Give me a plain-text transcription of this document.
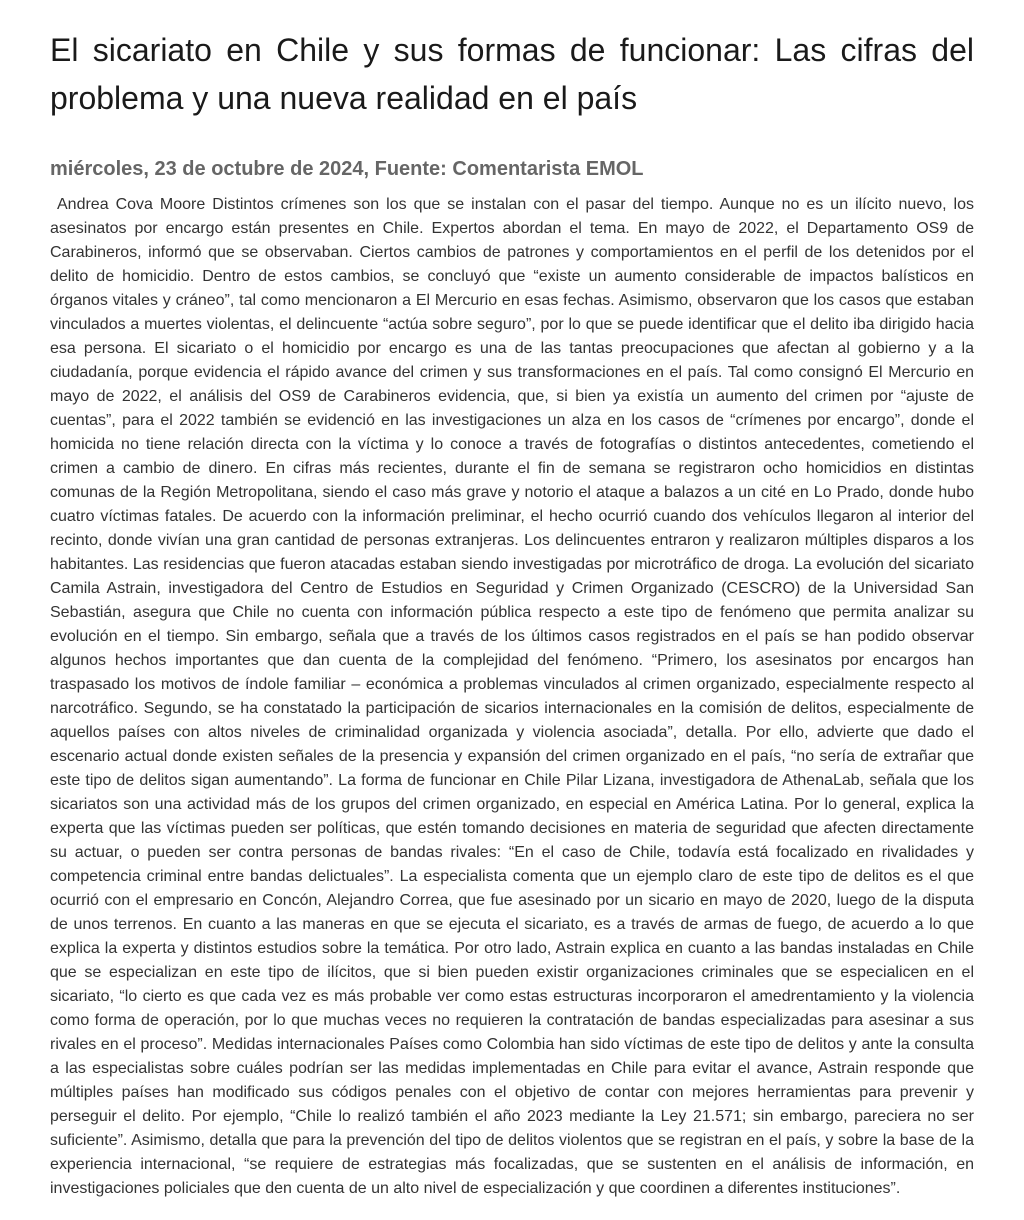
El sicariato en Chile y sus formas de funcionar: Las cifras del problema y una nueva realidad en el país
miércoles, 23 de octubre de 2024, Fuente: Comentarista EMOL

Andrea Cova Moore Distintos crímenes son los que se instalan con el pasar del tiempo. Aunque no es un ilícito nuevo, los asesinatos por encargo están presentes en Chile. Expertos abordan el tema. En mayo de 2022, el Departamento OS9 de Carabineros, informó que se observaban. Ciertos cambios de patrones y comportamientos en el perfil de los detenidos por el delito de homicidio. Dentro de estos cambios, se concluyó que “existe un aumento considerable de impactos balísticos en órganos vitales y cráneo”, tal como mencionaron a El Mercurio en esas fechas. Asimismo, observaron que los casos que estaban vinculados a muertes violentas, el delincuente “actúa sobre seguro”, por lo que se puede identificar que el delito iba dirigido hacia esa persona. El sicariato o el homicidio por encargo es una de las tantas preocupaciones que afectan al gobierno y a la ciudadanía, porque evidencia el rápido avance del crimen y sus transformaciones en el país. Tal como consignó El Mercurio en mayo de 2022, el análisis del OS9 de Carabineros evidencia, que, si bien ya existía un aumento del crimen por “ajuste de cuentas”, para el 2022 también se evidenció en las investigaciones un alza en los casos de “crímenes por encargo”, donde el homicida no tiene relación directa con la víctima y lo conoce a través de fotografías o distintos antecedentes, cometiendo el crimen a cambio de dinero. En cifras más recientes, durante el fin de semana se registraron ocho homicidios en distintas comunas de la Región Metropolitana, siendo el caso más grave y notorio el ataque a balazos a un cité en Lo Prado, donde hubo cuatro víctimas fatales. De acuerdo con la información preliminar, el hecho ocurrió cuando dos vehículos llegaron al interior del recinto, donde vivían una gran cantidad de personas extranjeras. Los delincuentes entraron y realizaron múltiples disparos a los habitantes. Las residencias que fueron atacadas estaban siendo investigadas por microtráfico de droga. La evolución del sicariato Camila Astrain, investigadora del Centro de Estudios en Seguridad y Crimen Organizado (CESCRO) de la Universidad San Sebastián, asegura que Chile no cuenta con información pública respecto a este tipo de fenómeno que permita analizar su evolución en el tiempo. Sin embargo, señala que a través de los últimos casos registrados en el país se han podido observar algunos hechos importantes que dan cuenta de la complejidad del fenómeno. “Primero, los asesinatos por encargos han traspasado los motivos de índole familiar – económica a problemas vinculados al crimen organizado, especialmente respecto al narcotráfico. Segundo, se ha constatado la participación de sicarios internacionales en la comisión de delitos, especialmente de aquellos países con altos niveles de criminalidad organizada y violencia asociada”, detalla. Por ello, advierte que dado el escenario actual donde existen señales de la presencia y expansión del crimen organizado en el país, “no sería de extrañar que este tipo de delitos sigan aumentando”. La forma de funcionar en Chile Pilar Lizana, investigadora de AthenaLab, señala que los sicariatos son una actividad más de los grupos del crimen organizado, en especial en América Latina. Por lo general, explica la experta que las víctimas pueden ser políticas, que estén tomando decisiones en materia de seguridad que afecten directamente su actuar, o pueden ser contra personas de bandas rivales: “En el caso de Chile, todavía está focalizado en rivalidades y competencia criminal entre bandas delictuales”. La especialista comenta que un ejemplo claro de este tipo de delitos es el que ocurrió con el empresario en Concón, Alejandro Correa, que fue asesinado por un sicario en mayo de 2020, luego de la disputa de unos terrenos. En cuanto a las maneras en que se ejecuta el sicariato, es a través de armas de fuego, de acuerdo a lo que explica la experta y distintos estudios sobre la temática. Por otro lado, Astrain explica en cuanto a las bandas instaladas en Chile que se especializan en este tipo de ilícitos, que si bien pueden existir organizaciones criminales que se especialicen en el sicariato, “lo cierto es que cada vez es más probable ver como estas estructuras incorporaron el amedrentamiento y la violencia como forma de operación, por lo que muchas veces no requieren la contratación de bandas especializadas para asesinar a sus rivales en el proceso”. Medidas internacionales Países como Colombia han sido víctimas de este tipo de delitos y ante la consulta a las especialistas sobre cuáles podrían ser las medidas implementadas en Chile para evitar el avance, Astrain responde que múltiples países han modificado sus códigos penales con el objetivo de contar con mejores herramientas para prevenir y perseguir el delito. Por ejemplo, “Chile lo realizó también el año 2023 mediante la Ley 21.571; sin embargo, pareciera no ser suficiente”. Asimismo, detalla que para la prevención del tipo de delitos violentos que se registran en el país, y sobre la base de la experiencia internacional, “se requiere de estrategias más focalizadas, que se sustenten en el análisis de información, en investigaciones policiales que den cuenta de un alto nivel de especialización y que coordinen a diferentes instituciones”.
